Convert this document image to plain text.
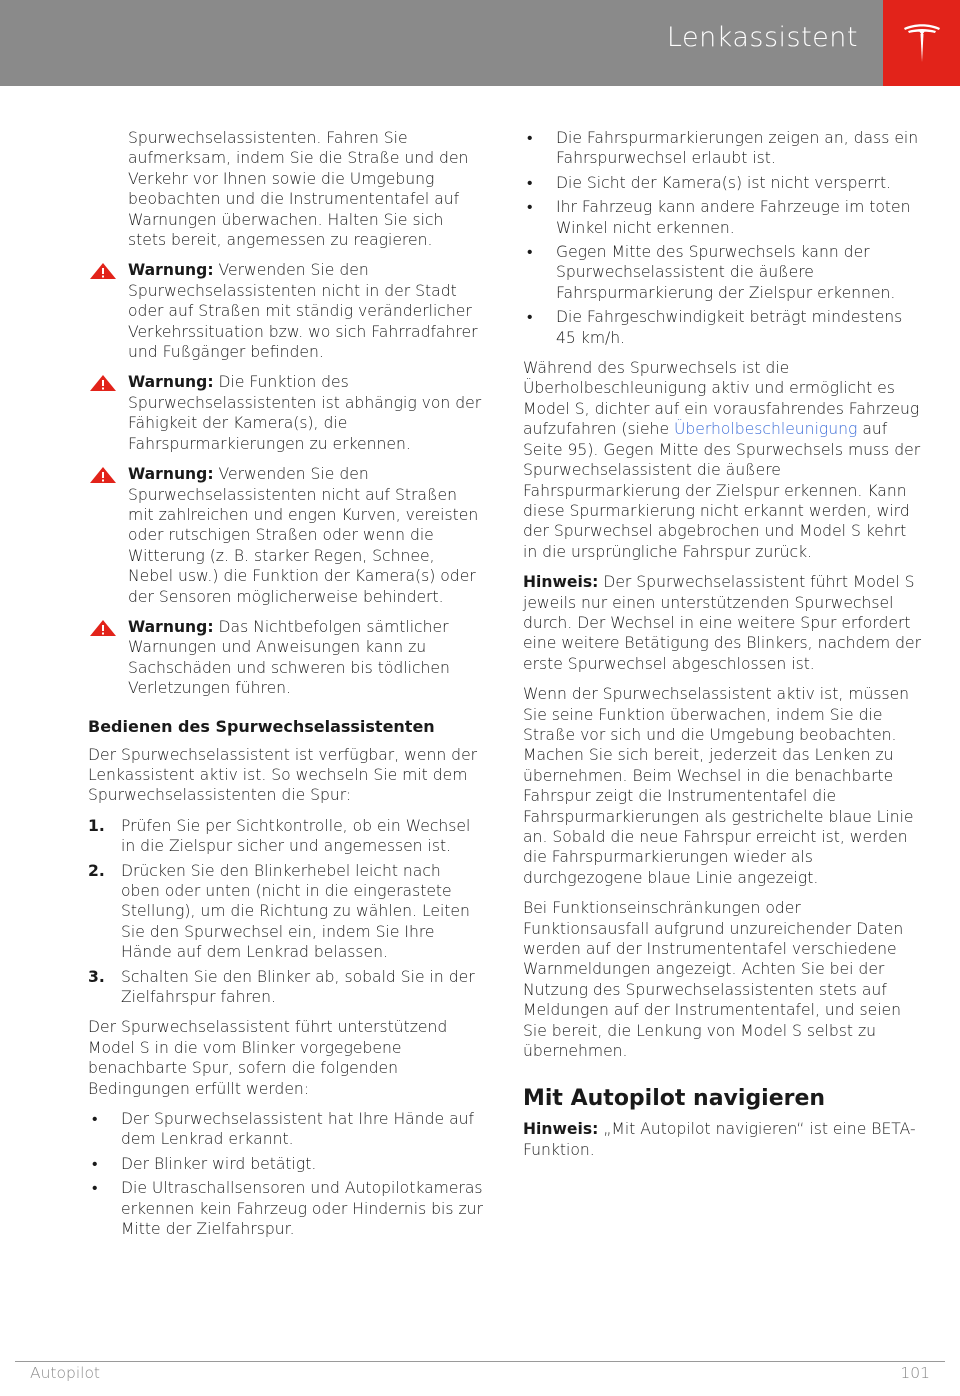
Lenkassistent

Spurwechselassistenten. Fahren Sie aufmerksam, indem Sie die Straße und den Verkehr vor Ihnen sowie die Umgebung beobachten und die Instrumententafel auf Warnungen überwachen. Halten Sie sich stets bereit, angemessen zu reagieren.

Warnung: Verwenden Sie den Spurwechselassistenten nicht in der Stadt oder auf Straßen mit ständig veränderlicher Verkehrssituation bzw. wo sich Fahrradfahrer und Fußgänger befinden.
Warnung: Die Funktion des Spurwechselassistenten ist abhängig von der Fähigkeit der Kamera(s), die Fahrspurmarkierungen zu erkennen.
Warnung: Verwenden Sie den Spurwechselassistenten nicht auf Straßen mit zahlreichen und engen Kurven, vereisten oder rutschigen Straßen oder wenn die Witterung (z. B. starker Regen, Schnee, Nebel usw.) die Funktion der Kamera(s) oder der Sensoren möglicherweise behindert.
Warnung: Das Nichtbefolgen sämtlicher Warnungen und Anweisungen kann zu Sachschäden und schweren bis tödlichen Verletzungen führen.
Bedienen des Spurwechselassistenten

Der Spurwechselassistent ist verfügbar, wenn der Lenkassistent aktiv ist. So wechseln Sie mit dem Spurwechselassistenten die Spur:

1. Prüfen Sie per Sichtkontrolle, ob ein Wechsel in die Zielspur sicher und angemessen ist.
2. Drücken Sie den Blinkerhebel leicht nach oben oder unten (nicht in die eingerastete Stellung), um die Richtung zu wählen. Leiten Sie den Spurwechsel ein, indem Sie Ihre Hände auf dem Lenkrad belassen.
3. Schalten Sie den Blinker ab, sobald Sie in der Zielfahrspur fahren.

Der Spurwechselassistent führt unterstützend Model S in die vom Blinker vorgegebene benachbarte Spur, sofern die folgenden Bedingungen erfüllt werden:

• Der Spurwechselassistent hat Ihre Hände auf dem Lenkrad erkannt.
• Der Blinker wird betätigt.
• Die Ultraschallsensoren und Autopilotkameras erkennen kein Fahrzeug oder Hindernis bis zur Mitte der Zielfahrspur.
• Die Fahrspurmarkierungen zeigen an, dass ein Fahrspurwechsel erlaubt ist.
• Die Sicht der Kamera(s) ist nicht versperrt.
• Ihr Fahrzeug kann andere Fahrzeuge im toten Winkel nicht erkennen.
• Gegen Mitte des Spurwechsels kann der Spurwechselassistent die äußere Fahrspurmarkierung der Zielspur erkennen.
• Die Fahrgeschwindigkeit beträgt mindestens 45 km/h.

Während des Spurwechsels ist die Überholbeschleunigung aktiv und ermöglicht es Model S, dichter auf ein vorausfahrendes Fahrzeug aufzufahren (siehe Überholbeschleunigung auf Seite 95). Gegen Mitte des Spurwechsels muss der Spurwechselassistent die äußere Fahrspurmarkierung der Zielspur erkennen. Kann diese Spurmarkierung nicht erkannt werden, wird der Spurwechsel abgebrochen und Model S kehrt in die ursprüngliche Fahrspur zurück.

Hinweis: Der Spurwechselassistent führt Model S jeweils nur einen unterstützenden Spurwechsel durch. Der Wechsel in eine weitere Spur erfordert eine weitere Betätigung des Blinkers, nachdem der erste Spurwechsel abgeschlossen ist.

Wenn der Spurwechselassistent aktiv ist, müssen Sie seine Funktion überwachen, indem Sie die Straße vor sich und die Umgebung beobachten. Machen Sie sich bereit, jederzeit das Lenken zu übernehmen. Beim Wechsel in die benachbarte Fahrspur zeigt die Instrumententafel die Fahrspurmarkierungen als gestrichelte blaue Linie an. Sobald die neue Fahrspur erreicht ist, werden die Fahrspurmarkierungen wieder als durchgezogene blaue Linie angezeigt.

Bei Funktionseinschränkungen oder Funktionsausfall aufgrund unzureichender Daten werden auf der Instrumententafel verschiedene Warnmeldungen angezeigt. Achten Sie bei der Nutzung des Spurwechselassistenten stets auf Meldungen auf der Instrumententafel, und seien Sie bereit, die Lenkung von Model S selbst zu übernehmen.

Mit Autopilot navigieren

Hinweis: „Mit Autopilot navigieren“ ist eine BETA-Funktion.

Autopilot	101
